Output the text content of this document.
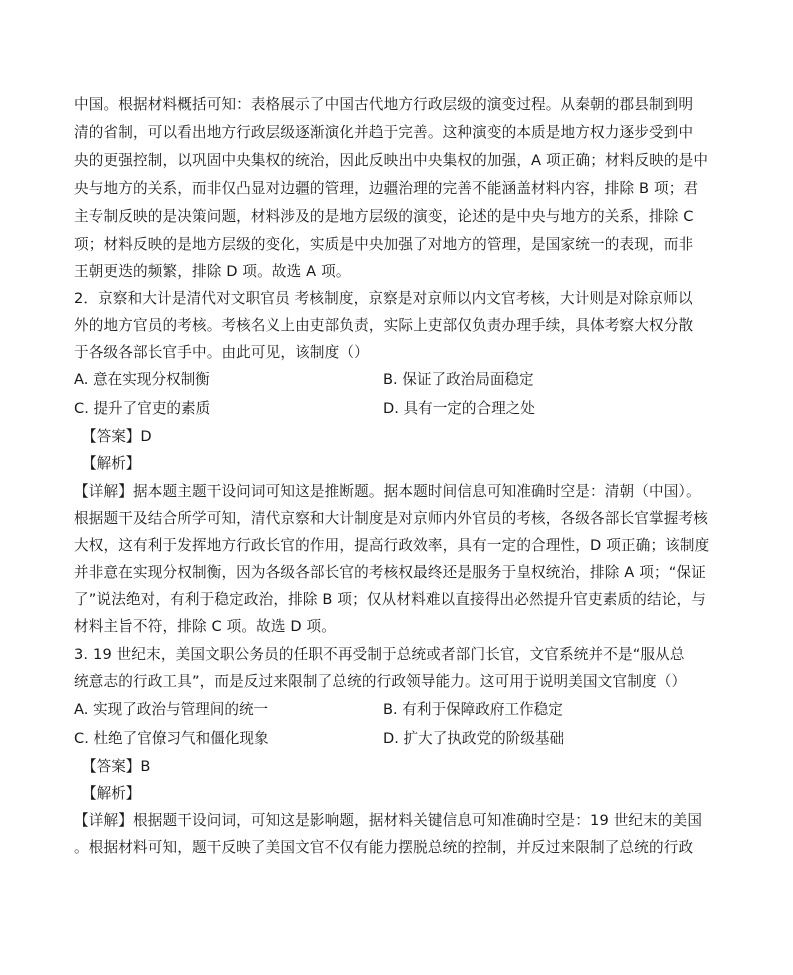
中国。根据材料概括可知：表格展示了中国古代地方行政层级的演变过程。从秦朝的郡县制到明
清的省制，可以看出地方行政层级逐渐演化并趋于完善。这种演变的本质是地方权力逐步受到中
央的更强控制，以巩固中央集权的统治，因此反映出中央集权的加强，A 项正确；材料反映的是中
央与地方的关系，而非仅凸显对边疆的管理，边疆治理的完善不能涵盖材料内容，排除 B 项；君
主专制反映的是决策问题，材料涉及的是地方层级的演变，论述的是中央与地方的关系，排除 C
项；材料反映的是地方层级的变化，实质是中央加强了对地方的管理，是国家统一的表现，而非
王朝更迭的频繁，排除 D 项。故选 A 项。
2．京察和大计是清代对文职官员 考核制度，京察是对京师以内文官考核，大计则是对除京师以
外的地方官员的考核。考核名义上由吏部负责，实际上吏部仅负责办理手续，具体考察大权分散
于各级各部长官手中。由此可见，该制度（）
A. 意在实现分权制衡	B. 保证了政治局面稳定
C. 提升了官吏的素质	D. 具有一定的合理之处
【答案】D
【解析】
【详解】据本题主题干设问词可知这是推断题。据本题时间信息可知准确时空是：清朝（中国）。
根据题干及结合所学可知，清代京察和大计制度是对京师内外官员的考核，各级各部长官掌握考核
大权，这有利于发挥地方行政长官的作用，提高行政效率，具有一定的合理性，D 项正确；该制度
并非意在实现分权制衡，因为各级各部长官的考核权最终还是服务于皇权统治，排除 A 项；“保证
了”说法绝对，有利于稳定政治，排除 B 项；仅从材料难以直接得出必然提升官吏素质的结论，与
材料主旨不符，排除 C 项。故选 D 项。
3. 19 世纪末，美国文职公务员的任职不再受制于总统或者部门长官，文官系统并不是“服从总
统意志的行政工具”，而是反过来限制了总统的行政领导能力。这可用于说明美国文官制度（）
A. 实现了政治与管理间的统一	B. 有利于保障政府工作稳定
C. 杜绝了官僚习气和僵化现象	D. 扩大了执政党的阶级基础
【答案】B
【解析】
【详解】根据题干设问词，可知这是影响题，据材料关键信息可知准确时空是：19 世纪末的美国
。根据材料可知，题干反映了美国文官不仅有能力摆脱总统的控制，并反过来限制了总统的行政
